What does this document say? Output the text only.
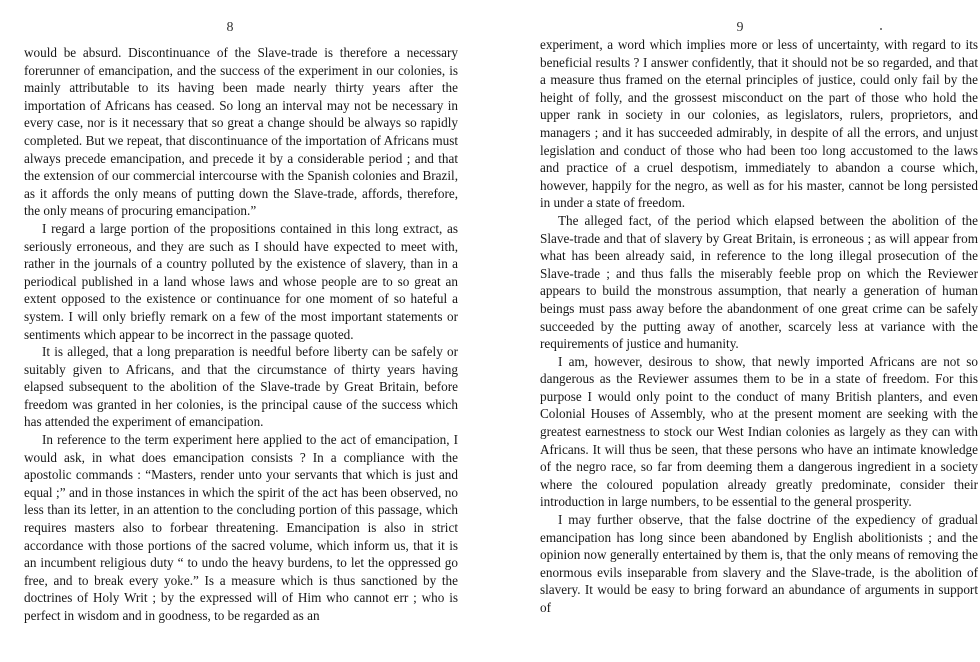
8

would be absurd. Discontinuance of the Slave-trade is therefore a necessary forerunner of emancipation, and the success of the experiment in our colonies, is mainly attributable to its having been made nearly thirty years after the importation of Africans has ceased. So long an interval may not be necessary in every case, nor is it necessary that so great a change should be always so rapidly completed. But we repeat, that discontinuance of the importation of Africans must always precede emancipation, and precede it by a considerable period ; and that the extension of our commercial intercourse with the Spanish colonies and Brazil, as it affords the only means of putting down the Slave-trade, affords, therefore, the only means of procuring emancipation.”

I regard a large portion of the propositions contained in this long extract, as seriously erroneous, and they are such as I should have expected to meet with, rather in the journals of a country polluted by the existence of slavery, than in a periodical published in a land whose laws and whose people are to so great an extent opposed to the existence or continuance for one moment of so hateful a system. I will only briefly remark on a few of the most important statements or sentiments which appear to be incorrect in the passage quoted.

It is alleged, that a long preparation is needful before liberty can be safely or suitably given to Africans, and that the circumstance of thirty years having elapsed subsequent to the abolition of the Slave-trade by Great Britain, before freedom was granted in her colonies, is the principal cause of the success which has attended the experiment of emancipation.

In reference to the term experiment here applied to the act of emancipation, I would ask, in what does emancipation consists ? In a compliance with the apostolic commands : “Masters, render unto your servants that which is just and equal ;” and in those instances in which the spirit of the act has been observed, no less than its letter, in an attention to the concluding portion of this passage, which requires masters also to forbear threatening. Emancipation is also in strict accordance with those portions of the sacred volume, which inform us, that it is an incumbent religious duty “ to undo the heavy burdens, to let the oppressed go free, and to break every yoke.” Is a measure which is thus sanctioned by the doctrines of Holy Writ ; by the expressed will of Him who cannot err ; who is perfect in wisdom and in goodness, to be regarded as an

9

experiment, a word which implies more or less of uncertainty, with regard to its beneficial results ? I answer confidently, that it should not be so regarded, and that a measure thus framed on the eternal principles of justice, could only fail by the height of folly, and the grossest misconduct on the part of those who hold the upper rank in society in our colonies, as legislators, rulers, proprietors, and managers ; and it has succeeded admirably, in despite of all the errors, and unjust legislation and conduct of those who had been too long accustomed to the laws and practice of a cruel despotism, immediately to abandon a course which, however, happily for the negro, as well as for his master, cannot be long persisted in under a state of freedom.

The alleged fact, of the period which elapsed between the abolition of the Slave-trade and that of slavery by Great Britain, is erroneous ; as will appear from what has been already said, in reference to the long illegal prosecution of the Slave-trade ; and thus falls the miserably feeble prop on which the Reviewer appears to build the monstrous assumption, that nearly a generation of human beings must pass away before the abandonment of one great crime can be safely succeeded by the putting away of another, scarcely less at variance with the requirements of justice and humanity.

I am, however, desirous to show, that newly imported Africans are not so dangerous as the Reviewer assumes them to be in a state of freedom. For this purpose I would only point to the conduct of many British planters, and even Colonial Houses of Assembly, who at the present moment are seeking with the greatest earnestness to stock our West Indian colonies as largely as they can with Africans. It will thus be seen, that these persons who have an intimate knowledge of the negro race, so far from deeming them a dangerous ingredient in a society where the coloured population already greatly predominate, consider their introduction in large numbers, to be essential to the general prosperity.

I may further observe, that the false doctrine of the expediency of gradual emancipation has long since been abandoned by English abolitionists ; and the opinion now generally entertained by them is, that the only means of removing the enormous evils inseparable from slavery and the Slave-trade, is the abolition of slavery. It would be easy to bring forward an abundance of arguments in support of
